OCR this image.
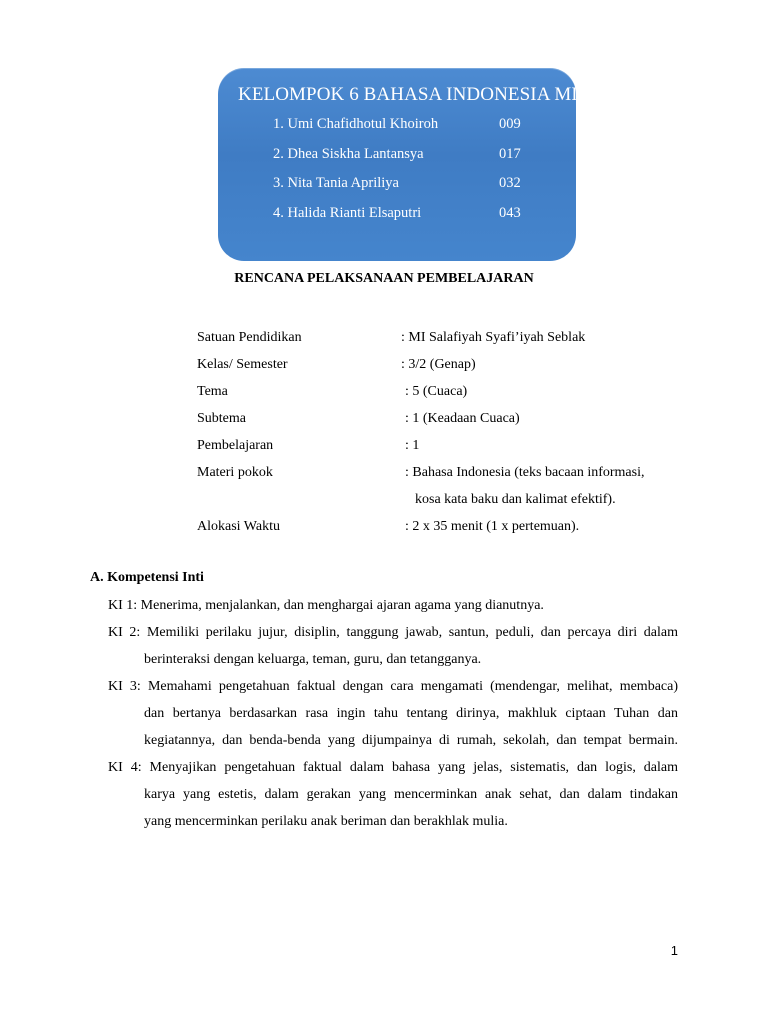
KELOMPOK 6 BAHASA INDONESIA MI:
1. Umi Chafidhotul Khoiroh	009
2. Dhea Siskha Lantansya	017
3. Nita Tania Apriliya	032
4. Halida Rianti Elsaputri	043
RENCANA PELAKSANAAN PEMBELAJARAN
Satuan Pendidikan	: MI Salafiyah Syafi’iyah Seblak
Kelas/ Semester	: 3/2 (Genap)
Tema	: 5 (Cuaca)
Subtema	: 1 (Keadaan Cuaca)
Pembelajaran	: 1
Materi pokok	: Bahasa Indonesia (teks bacaan informasi,
kosa kata baku dan kalimat efektif).
Alokasi Waktu	: 2 x 35 menit (1 x pertemuan).
A. Kompetensi Inti
KI 1: Menerima, menjalankan, dan menghargai ajaran agama yang dianutnya.
KI 2: Memiliki perilaku jujur, disiplin, tanggung jawab, santun, peduli, dan percaya diri dalam
berinteraksi dengan keluarga, teman, guru, dan tetangganya.
KI 3: Memahami pengetahuan faktual dengan cara mengamati (mendengar, melihat, membaca)
dan bertanya berdasarkan rasa ingin tahu tentang dirinya, makhluk ciptaan Tuhan dan
kegiatannya, dan benda-benda yang dijumpainya di rumah, sekolah, dan tempat bermain.
KI 4: Menyajikan pengetahuan faktual dalam bahasa yang jelas, sistematis, dan logis, dalam
karya yang estetis, dalam gerakan yang mencerminkan anak sehat, dan dalam tindakan
yang mencerminkan perilaku anak beriman dan berakhlak mulia.
1
